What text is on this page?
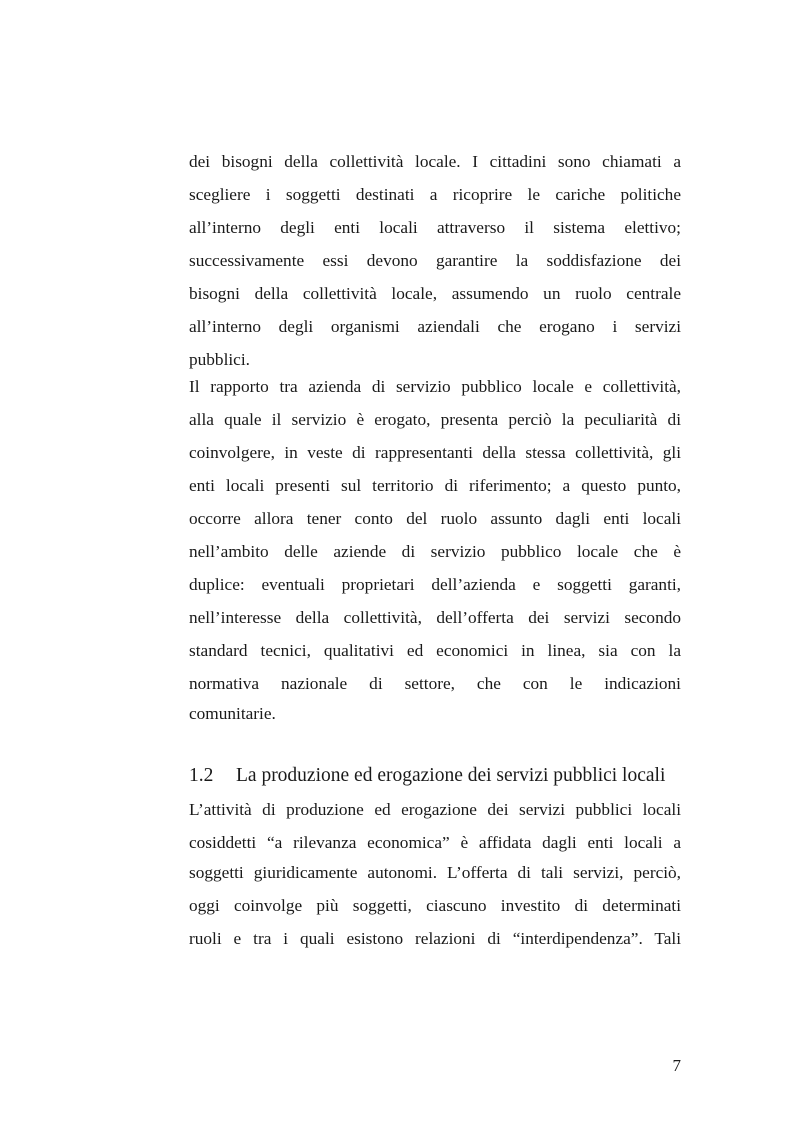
dei bisogni della collettività locale. I cittadini sono chiamati a
scegliere i soggetti destinati a ricoprire le cariche politiche
all’interno degli enti locali attraverso il sistema elettivo;
successivamente essi devono garantire la soddisfazione dei
bisogni della collettività locale, assumendo un ruolo centrale
all’interno degli organismi aziendali che erogano i servizi
pubblici.
Il rapporto tra azienda di servizio pubblico locale e collettività,
alla quale il servizio è erogato, presenta perciò la peculiarità di
coinvolgere, in veste di rappresentanti della stessa collettività, gli
enti locali presenti sul territorio di riferimento; a questo punto,
occorre allora tener conto del ruolo assunto dagli enti locali
nell’ambito delle aziende di servizio pubblico locale che è
duplice: eventuali proprietari dell’azienda e soggetti garanti,
nell’interesse della collettività, dell’offerta dei servizi secondo
standard tecnici, qualitativi ed economici in linea, sia con la
normativa nazionale di settore, che con le indicazioni
comunitarie.
1.2 La produzione ed erogazione dei servizi pubblici locali
L’attività di produzione ed erogazione dei servizi pubblici locali
cosiddetti “a rilevanza economica” è affidata dagli enti locali a
soggetti giuridicamente autonomi. L’offerta di tali servizi, perciò,
oggi coinvolge più soggetti, ciascuno investito di determinati
ruoli e tra i quali esistono relazioni di “interdipendenza”. Tali
7
